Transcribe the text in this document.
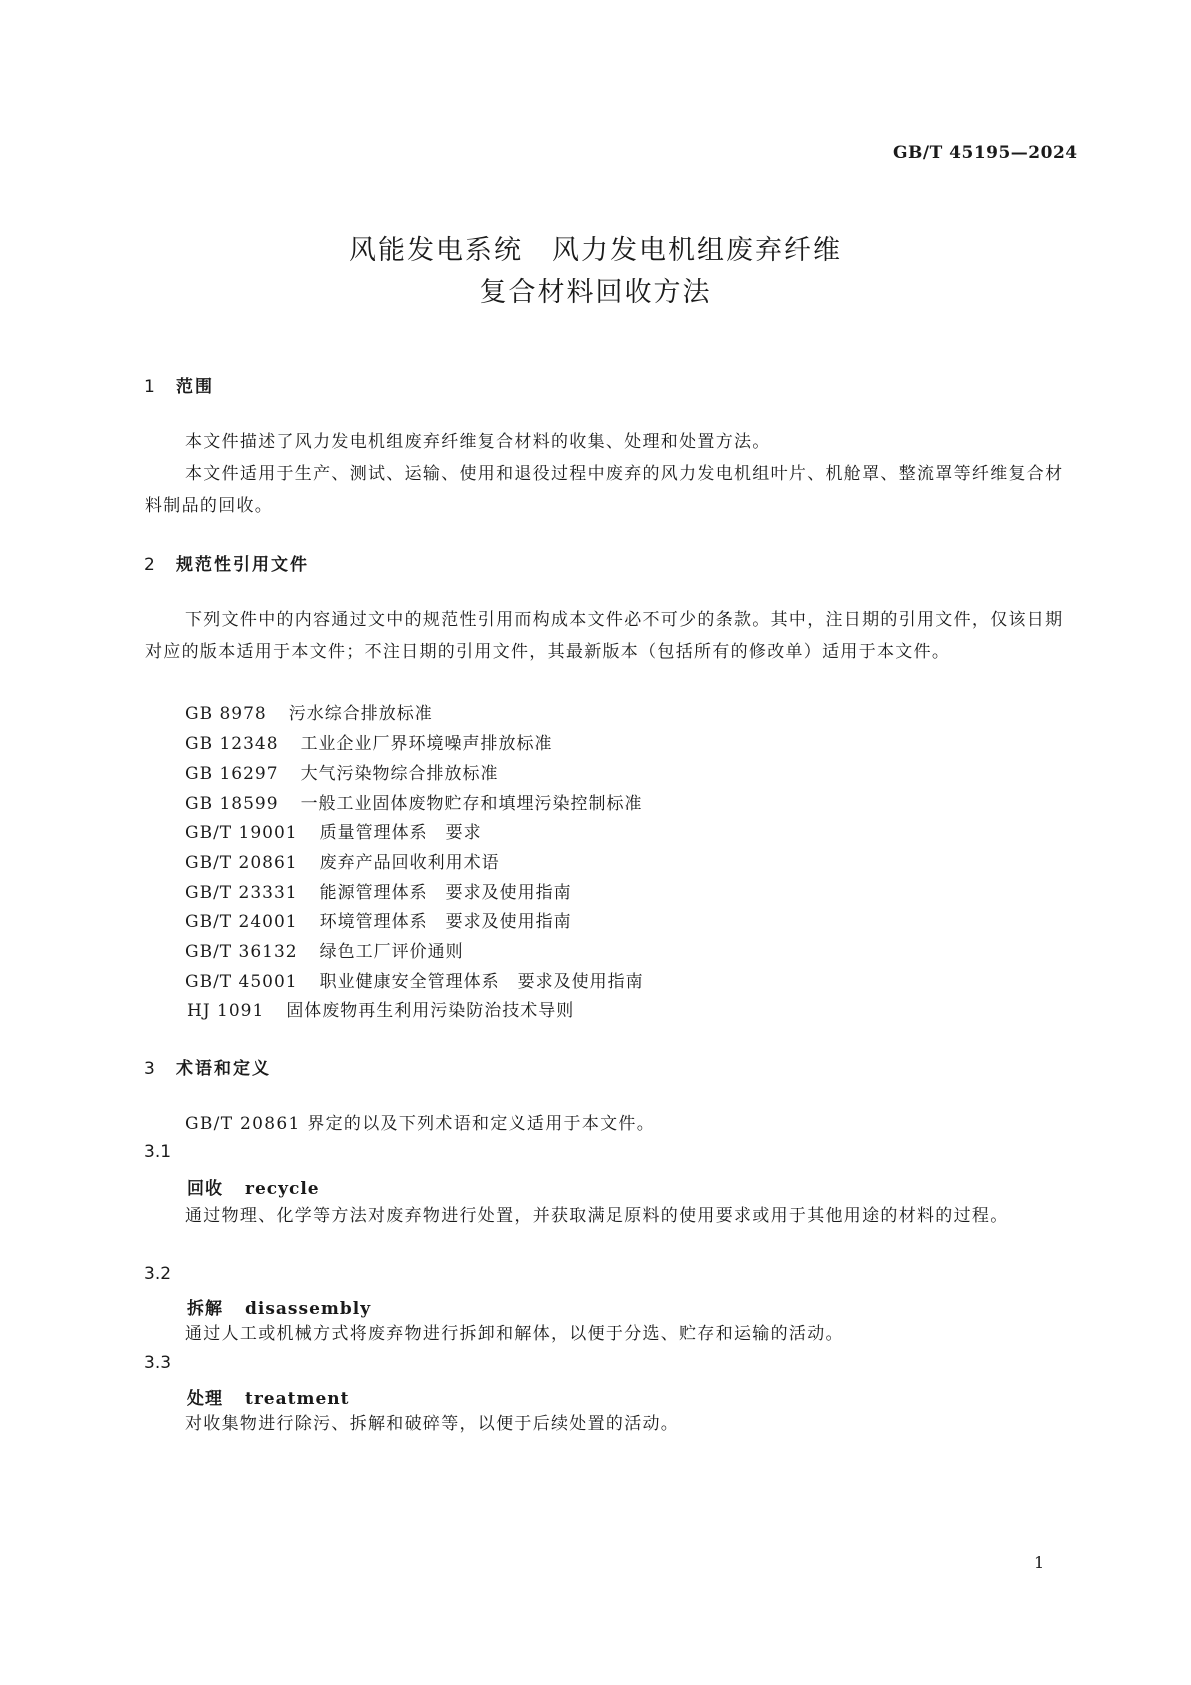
GB/T 45195—2024
风能发电系统　风力发电机组废弃纤维
复合材料回收方法
1 范围
本文件描述了风力发电机组废弃纤维复合材料的收集、处理和处置方法。
本文件适用于生产、测试、运输、使用和退役过程中废弃的风力发电机组叶片、机舱罩、整流罩等纤维复合材料制品的回收。
2 规范性引用文件
下列文件中的内容通过文中的规范性引用而构成本文件必不可少的条款。其中，注日期的引用文件，仅该日期对应的版本适用于本文件；不注日期的引用文件，其最新版本（包括所有的修改单）适用于本文件。
GB 8978 污水综合排放标准
GB 12348 工业企业厂界环境噪声排放标准
GB 16297 大气污染物综合排放标准
GB 18599 一般工业固体废物贮存和填埋污染控制标准
GB/T 19001 质量管理体系　要求
GB/T 20861 废弃产品回收利用术语
GB/T 23331 能源管理体系　要求及使用指南
GB/T 24001 环境管理体系　要求及使用指南
GB/T 36132 绿色工厂评价通则
GB/T 45001 职业健康安全管理体系　要求及使用指南
HJ 1091 固体废物再生利用污染防治技术导则
3 术语和定义
GB/T 20861 界定的以及下列术语和定义适用于本文件。
3.1
回收 recycle
通过物理、化学等方法对废弃物进行处置，并获取满足原料的使用要求或用于其他用途的材料的过程。
3.2
拆解 disassembly
通过人工或机械方式将废弃物进行拆卸和解体，以便于分选、贮存和运输的活动。
3.3
处理 treatment
对收集物进行除污、拆解和破碎等，以便于后续处置的活动。
1
